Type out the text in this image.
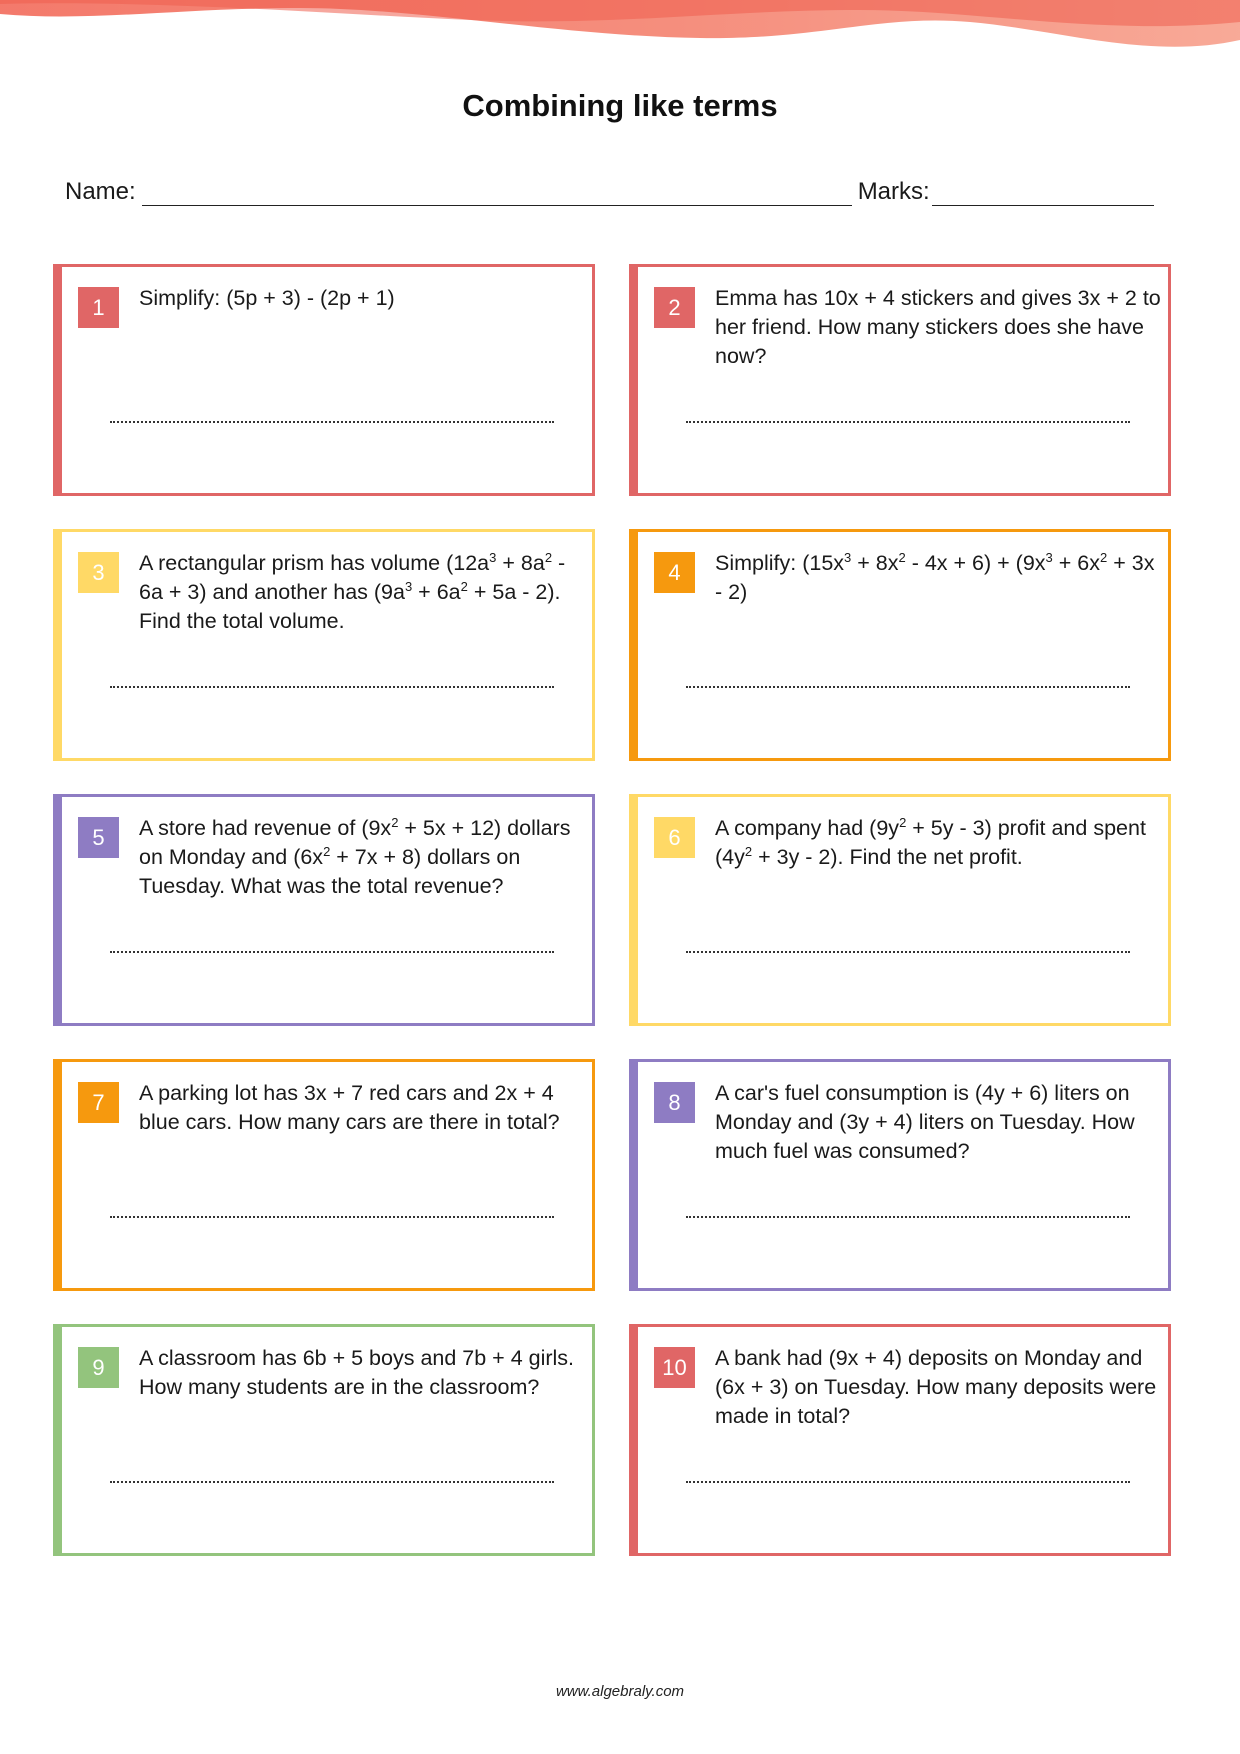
Combining like terms
Name:	Marks:
1	Simplify: (5p + 3) - (2p + 1)	2	Emma has 10x + 4 stickers and gives 3x + 2 to her friend. How many stickers does she have now?
3	A rectangular prism has volume $(12a^3 + 8a^2 - 6a + 3)$ and another has $(9a^3 + 6a^2 + 5a - 2)$. Find the total volume.
4	Simplify: $(15x^3 + 8x^2 - 4x + 6) + (9x^3 + 6x^2 + 3x - 2)$
5	A store had revenue of $(9x^2 + 5x + 12)$ dollars on Monday and $(6x^2 + 7x + 8)$ dollars on Tuesday. What was the total revenue?
6	A company had $(9y^2 + 5y - 3)$ profit and spent $(4y^2 + 3y - 2)$. Find the net profit.
7	A parking lot has 3x + 7 red cars and 2x + 4 blue cars. How many cars are there in total?
8	A car's fuel consumption is (4y + 6) liters on Monday and (3y + 4) liters on Tuesday. How much fuel was consumed?
9	A classroom has 6b + 5 boys and 7b + 4 girls. How many students are in the classroom?
10	A bank had (9x + 4) deposits on Monday and (6x + 3) on Tuesday. How many deposits were made in total?
www.algebraly.com
